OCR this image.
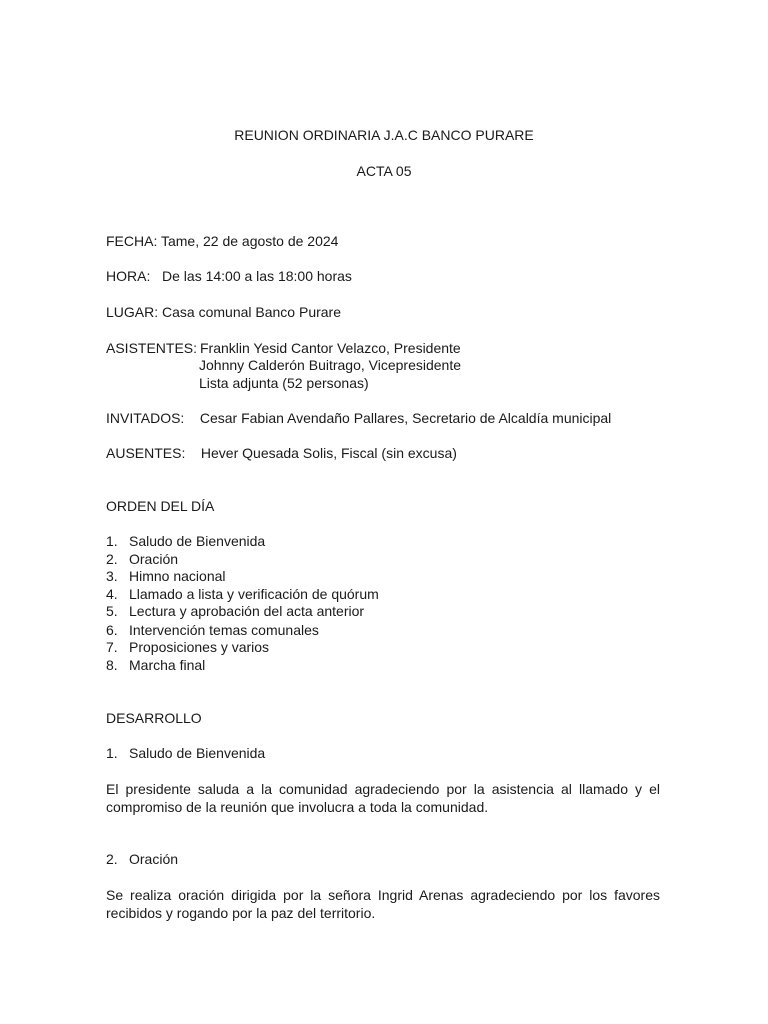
REUNION ORDINARIA J.A.C BANCO PURARE
ACTA 05
FECHA: Tame, 22 de agosto de 2024
HORA:   De las 14:00 a las 18:00 horas
LUGAR: Casa comunal Banco Purare
ASISTENTES: Franklin Yesid Cantor Velazco, Presidente
Johnny Calderón Buitrago, Vicepresidente
Lista adjunta (52 personas)
INVITADOS:    Cesar Fabian Avendaño Pallares, Secretario de Alcaldía municipal
AUSENTES:    Hever Quesada Solis, Fiscal (sin excusa)
ORDEN DEL DÍA
1. Saludo de Bienvenida
2. Oración
3. Himno nacional
4. Llamado a lista y verificación de quórum
5. Lectura y aprobación del acta anterior
6. Intervención temas comunales
7. Proposiciones y varios
8. Marcha final
DESARROLLO
1. Saludo de Bienvenida
El presidente saluda a la comunidad agradeciendo por la asistencia al llamado y el
compromiso de la reunión que involucra a toda la comunidad.
2. Oración
Se realiza oración dirigida por la señora Ingrid Arenas agradeciendo por los favores
recibidos y rogando por la paz del territorio.
